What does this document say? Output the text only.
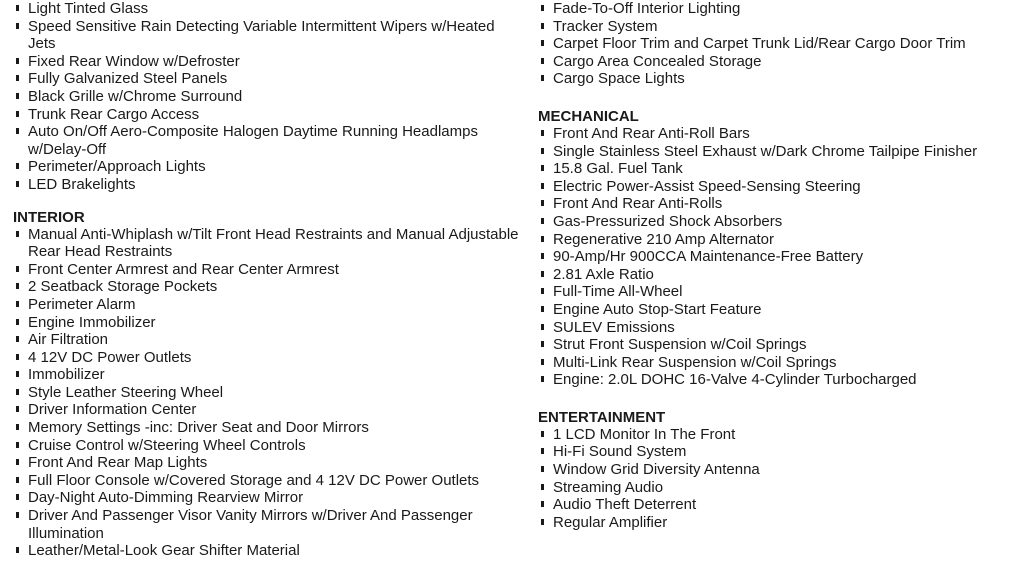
Light Tinted Glass
Speed Sensitive Rain Detecting Variable Intermittent Wipers w/Heated Jets
Fixed Rear Window w/Defroster
Fully Galvanized Steel Panels
Black Grille w/Chrome Surround
Trunk Rear Cargo Access
Auto On/Off Aero-Composite Halogen Daytime Running Headlamps w/Delay-Off
Perimeter/Approach Lights
LED Brakelights
INTERIOR
Manual Anti-Whiplash w/Tilt Front Head Restraints and Manual Adjustable Rear Head Restraints
Front Center Armrest and Rear Center Armrest
2 Seatback Storage Pockets
Perimeter Alarm
Engine Immobilizer
Air Filtration
4 12V DC Power Outlets
Immobilizer
Style Leather Steering Wheel
Driver Information Center
Memory Settings -inc: Driver Seat and Door Mirrors
Cruise Control w/Steering Wheel Controls
Front And Rear Map Lights
Full Floor Console w/Covered Storage and 4 12V DC Power Outlets
Day-Night Auto-Dimming Rearview Mirror
Driver And Passenger Visor Vanity Mirrors w/Driver And Passenger Illumination
Leather/Metal-Look Gear Shifter Material
Fade-To-Off Interior Lighting
Tracker System
Carpet Floor Trim and Carpet Trunk Lid/Rear Cargo Door Trim
Cargo Area Concealed Storage
Cargo Space Lights
MECHANICAL
Front And Rear Anti-Roll Bars
Single Stainless Steel Exhaust w/Dark Chrome Tailpipe Finisher
15.8 Gal. Fuel Tank
Electric Power-Assist Speed-Sensing Steering
Front And Rear Anti-Rolls
Gas-Pressurized Shock Absorbers
Regenerative 210 Amp Alternator
90-Amp/Hr 900CCA Maintenance-Free Battery
2.81 Axle Ratio
Full-Time All-Wheel
Engine Auto Stop-Start Feature
SULEV Emissions
Strut Front Suspension w/Coil Springs
Multi-Link Rear Suspension w/Coil Springs
Engine: 2.0L DOHC 16-Valve 4-Cylinder Turbocharged
ENTERTAINMENT
1 LCD Monitor In The Front
Hi-Fi Sound System
Window Grid Diversity Antenna
Streaming Audio
Audio Theft Deterrent
Regular Amplifier
